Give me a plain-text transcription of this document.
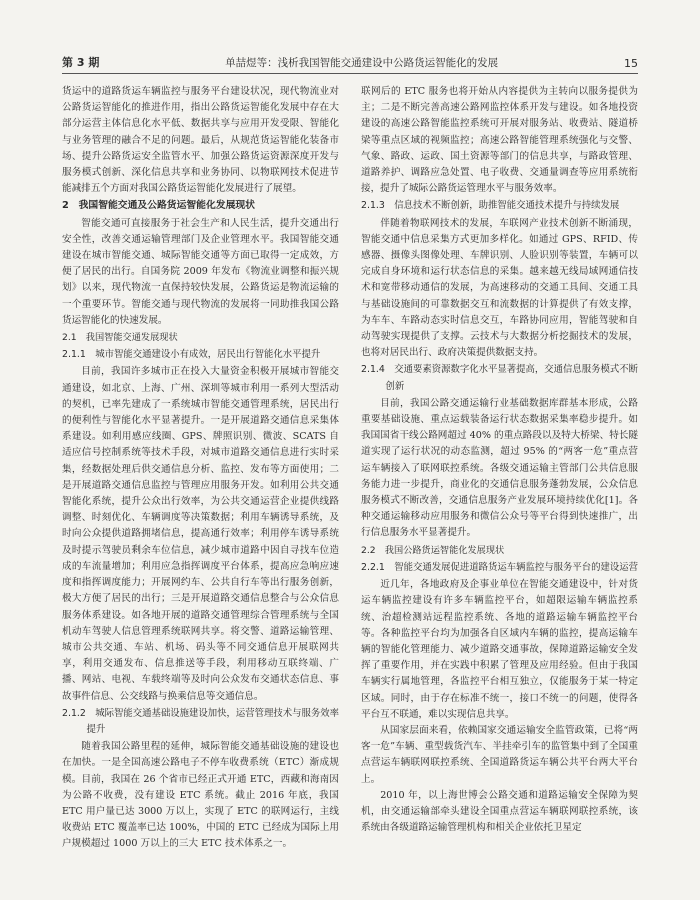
第 3 期	单喆煜等：浅析我国智能交通建设中公路货运智能化的发展	15

货运中的道路货运车辆监控与服务平台建设状况，现代物流业对公路货运智能化的推进作用，指出公路货运智能化发展中存在大部分运营主体信息化水平低、数据共享与应用开发受限、智能化与业务管理的融合不足的问题。最后，从规范货运智能化装备市场、提升公路货运安全监管水平、加强公路货运资源深度开发与服务模式创新、深化信息共享和业务协同、以物联网技术促进节能减排五个方面对我国公路货运智能化发展进行了展望。

2　我国智能交通及公路货运智能化发展现状

智能交通可直接服务于社会生产和人民生活，提升交通出行安全性，改善交通运输管理部门及企业管理水平。我国智能交通建设在城市智能交通、城际智能交通等方面已取得一定成效，方便了居民的出行。自国务院 2009 年发布《物流业调整和振兴规划》以来，现代物流一直保持较快发展，公路货运是物流运输的一个重要环节。智能交通与现代物流的发展将一同助推我国公路货运智能化的快速发展。

2.1　我国智能交通发展现状
2.1.1　城市智能交通建设小有成效，居民出行智能化水平提升

目前，我国许多城市正在投入大量资金积极开展城市智能交通建设，如北京、上海、广州、深圳等城市利用一系列大型活动的契机，已率先建成了一系统城市智能交通管理系统，居民出行的便利性与智能化水平显著提升。一是开展道路交通信息采集体系建设。如利用感应线圈、GPS、牌照识别、微波、SCATS 自适应信号控制系统等技术手段，对城市道路交通信息进行实时采集，经数据处理后供交通信息分析、监控、发布等方面使用；二是开展道路交通信息监控与管理应用服务开发。如利用公共交通智能化系统，提升公众出行效率，为公共交通运营企业提供线路调整、时刻优化、车辆调度等决策数据；利用车辆诱导系统，及时向公众提供道路拥堵信息，提高通行效率；利用停车诱导系统及时提示驾驶员剩余车位信息，减少城市道路中因自寻找车位造成的车流量增加；利用应急指挥调度平台体系，提高应急响应速度和指挥调度能力；开展网约车、公共自行车等出行服务创新，极大方便了居民的出行；三是开展道路交通信息整合与公众信息服务体系建设。如各地开展的道路交通管理综合管理系统与全国机动车驾驶人信息管理系统联网共享。将交警、道路运输管理、城市公共交通、车站、机场、码头等不同交通信息开展联网共享，利用交通发布、信息推送等手段，利用移动互联终端、广播、网站、电视、车载终端等及时向公众发布交通状态信息、事故事件信息、公交线路与换乘信息等交通信息。

2.1.2　城际智能交通基础设施建设加快，运营管理技术与服务效率提升

随着我国公路里程的延伸，城际智能交通基础设施的建设也在加快。一是全国高速公路电子不停车收费系统（ETC）渐成规模。目前，我国在 26 个省市已经正式开通 ETC，西藏和海南因为公路不收费，没有建设 ETC 系统。截止 2016 年底，我国 ETC 用户量已达 3000 万以上，实现了 ETC 的联网运行，主线收费站 ETC 覆盖率已达 100%，中国的 ETC 已经成为国际上用户规模超过 1000 万以上的三大 ETC 技术体系之一。

联网后的 ETC 服务也将开始从内容提供为主转向以服务提供为主；二是不断完善高速公路网监控体系开发与建设。如各地投资建设的高速公路智能监控系统可开展对服务站、收费站、隧道桥梁等重点区域的视频监控；高速公路智能管理系统强化与交警、气象、路政、运政、国土资源等部门的信息共享，与路政管理、道路养护、调路应急处置、电子收费、交通量调查等应用系统衔接，提升了城际公路货运管理水平与服务效率。

2.1.3　信息技术不断创新，助推智能交通技术提升与持续发展

伴随着物联网技术的发展，车联网产业技术创新不断涌现，智能交通中信息采集方式更加多样化。如通过 GPS、RFID、传感器、摄像头图像处理、车牌识别、人脸识别等装置，车辆可以完成自身环境和运行状态信息的采集。越来越无线局域网通信技术和宽带移动通信的发展，为高速移动的交通工具间、交通工具与基础设施间的可靠数据交互和流数据的计算提供了有效支撑，为车车、车路动态实时信息交互，车路协同应用，智能驾驶和自动驾驶实现提供了支撑。云技术与大数据分析挖掘技术的发展，也将对居民出行、政府决策提供数据支持。

2.1.4　交通要素资源数字化水平显著提高，交通信息服务模式不断创新

目前，我国公路交通运输行业基础数据库群基本形成，公路重要基础设施、重点运载装备运行状态数据采集率稳步提升。如我国国省干线公路网超过 40% 的重点路段以及特大桥梁、特长隧道实现了运行状况的动态监测，超过 95% 的“两客一危”重点营运车辆接入了联网联控系统。各级交通运输主管部门公共信息服务能力进一步提升，商业化的交通信息服务蓬勃发展，公众信息服务模式不断改善，交通信息服务产业发展环境持续优化[1]。各种交通运输移动应用服务和微信公众号等平台得到快速推广，出行信息服务水平显著提升。

2.2　我国公路货运智能化发展现状
2.2.1　智能交通发展促进道路货运车辆监控与服务平台的建设运营

近几年，各地政府及企事业单位在智能交通建设中，针对货运车辆监控建设有许多车辆监控平台，如超限运输车辆监控系统、治超检测站远程监控系统、各地的道路运输车辆监控平台等。各种监控平台均为加强各自区域内车辆的监控，提高运输车辆的智能化管理能力、减少道路交通事故，保障道路运输安全发挥了重要作用，并在实践中积累了管理及应用经验。但由于我国车辆实行属地管理，各监控平台相互独立，仅能服务于某一特定区域。同时，由于存在标准不统一，接口不统一的问题，使得各平台互不联通，难以实现信息共享。

从国家层面来看，依赖国家交通运输安全监管政策，已将“两客一危”车辆、重型载货汽车、半挂牵引车的监管集中到了全国重点营运车辆联网联控系统、全国道路货运车辆公共平台两大平台上。

2010 年，以上海世博会公路交通和道路运输安全保障为契机，由交通运输部牵头建设全国重点营运车辆联网联控系统，该系统由各级道路运输管理机构和相关企业依托卫星定
